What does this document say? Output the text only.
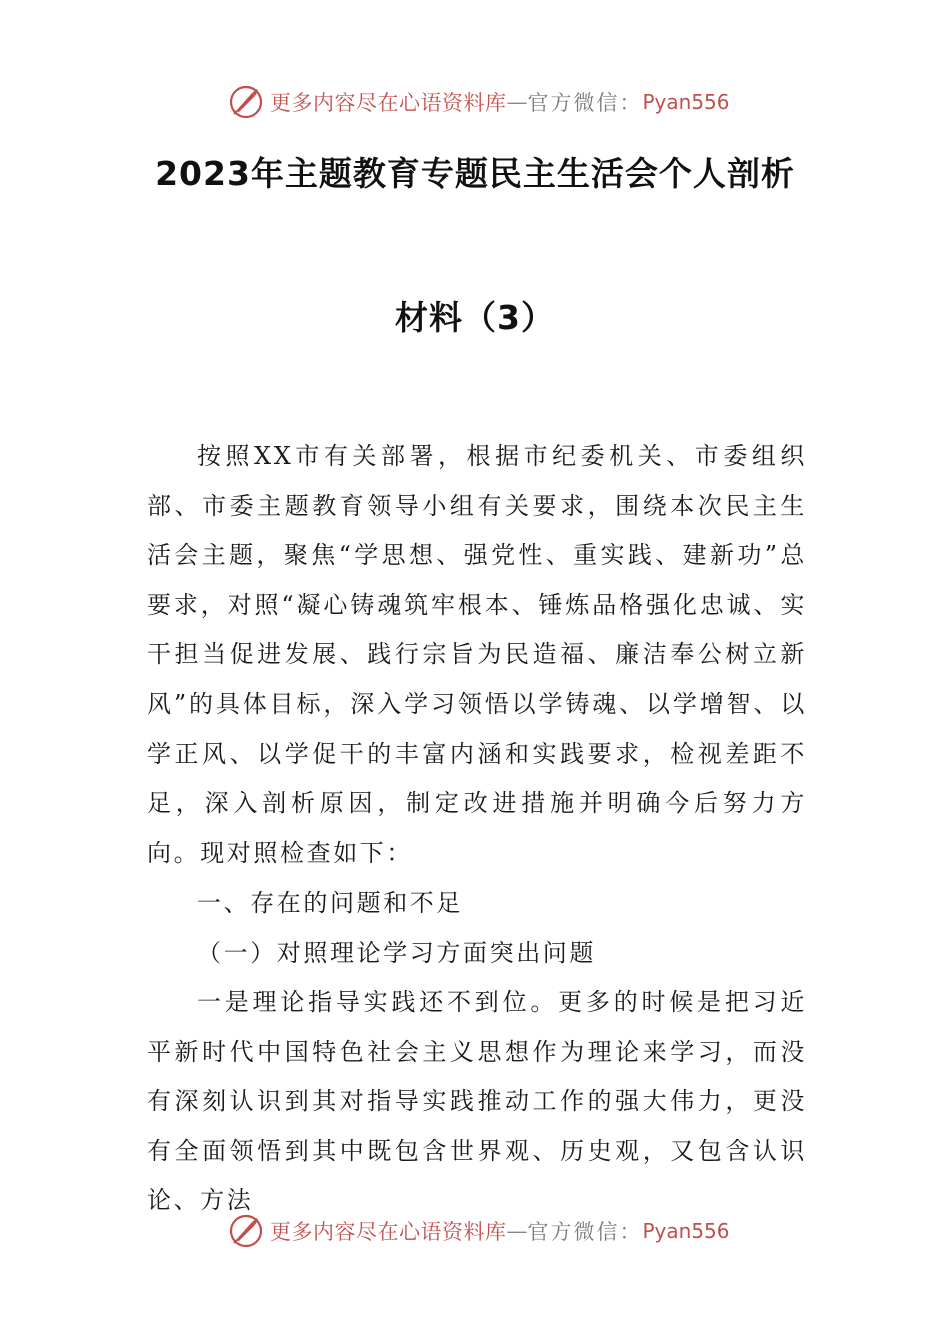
更多内容尽在心语资料库 — 官方微信： Pyan556
2023年主题教育专题民主生活会个人剖析
材料（3）

按照XX市有关部署，根据市纪委机关、市委组织部、市委主题教育领导小组有关要求，围绕本次民主生活会主题，聚焦“学思想、强党性、重实践、建新功”总要求，对照“凝心铸魂筑牢根本、锤炼品格强化忠诚、实干担当促进发展、践行宗旨为民造福、廉洁奉公树立新风”的具体目标，深入学习领悟以学铸魂、以学增智、以学正风、以学促干的丰富内涵和实践要求，检视差距不足，深入剖析原因，制定改进措施并明确今后努力方向。现对照检查如下：

一、存在的问题和不足

（一）对照理论学习方面突出问题

一是理论指导实践还不到位。更多的时候是把习近平新时代中国特色社会主义思想作为理论来学习，而没有深刻认识到其对指导实践推动工作的强大伟力，更没有全面领悟到其中既包含世界观、历史观，又包含认识论、方法

更多内容尽在心语资料库 — 官方微信： Pyan556
